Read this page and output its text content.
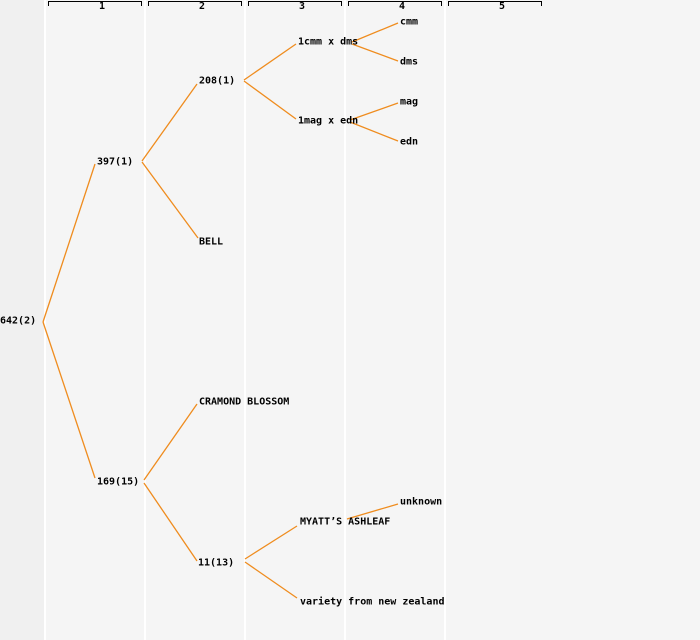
1	2	3	4	5
642(2)
397(1)
169(15)
208(1)
BELL
CRAMOND BLOSSOM
11(13)
1cmm x dms
1mag x edn
MYATT’S ASHLEAF
variety from new zealand
cmm
dms
mag
edn
unknown
